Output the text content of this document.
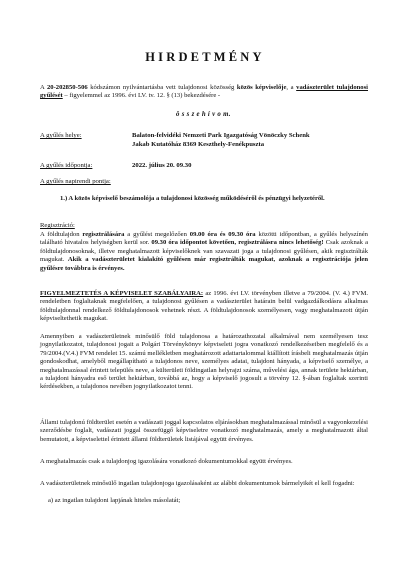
HIRDETMÉNY

A 20-202850-506 kódszámon nyilvántartásba vett tulajdonosi közösség közös képviselője, a vadászterület tulajdonosi gyűlését – figyelemmel az 1996. évi LV. tv. 12. § (13) bekezdésére -

ö s s z e h í v o m.
A gyűlés helye:	Balaton-felvidéki Nemzeti Park Igazgatóság Vönöczky Schenk
Jakab Kutatóház 8369 Keszthely-Fenékpuszta
A gyűlés időpontja:	2022. július 20. 09.30
A gyűlés napirendi pontja:

1.) A közös képviselő beszámolója a tulajdonosi közösség működéséről és pénzügyi helyzetéről.

Regisztráció:

A földtulajdon regisztrálására a gyűlést megelőzően 09.00 óra és 09.30 óra közötti időpontban, a gyűlés helyszínén található hivatalos helyiségben kerül sor. 09.30 óra időpontot követően, regisztrálásra nincs lehetőség! Csak azoknak a földtulajdonosoknak, illetve meghatalmazott képviselőknek van szavazati joga a tulajdonosi gyűlésen, akik regisztrálták magukat. Akik a vadászterületet kialakító gyűlésen már regisztrálták magukat, azoknak a regisztrációja jelen gyűlésre továbbra is érvényes.

FIGYELMEZTETÉS A KÉPVISELET SZABÁLYAIRA: az 1996. évi LV. törvényben illetve a 79/2004. (V. 4.) FVM. rendeletben foglaltaknak megfelelően, a tulajdonosi gyűlésen a vadászterület határain belül vadgazdálkodásra alkalmas földtulajdonnal rendelkező földtulajdonosok vehetnek részt. A földtulajdonosok személyesen, vagy meghatalmazott útján képviseltethetik magukat.

Amennyiben a vadászterületnek minősülő föld tulajdonosa a határozathozatal alkalmával nem személyesen tesz jognyilatkozatot, tulajdonosi jogait a Polgári Törvénykönyv képviseleti jogra vonatkozó rendelkezéseiben megfelelő és a 79/2004.(V.4.) FVM rendelet 15. számú mellékletben meghatározott adattartalommal kiállított írásbeli meghatalmazás útján gondoskodhat, amelyből megállapítható a tulajdonos neve, személyes adatai, tulajdoni hányada, a képviselő személye, a meghatalmazással érintett település neve, a külterületi földingatlan helyrajzi száma, művelési ága, annak területe hektárban, a tulajdoni hányadra eső terület hektárban, továbbá az, hogy a képviselő jogosult a törvény 12. §-ában foglaltak szerinti kérdésekben, a tulajdonos nevében jognyilatkozatot tenni.

Állami tulajdonú földterület esetén a vadászati joggal kapcsolatos eljárásokban meghatalmazással minősül a vagyonkezelési szerződésbe foglalt, vadászati joggal összefüggő képviseletre vonatkozó meghatalmazás, amely a meghatalmazott által bemutatott, a képviselettel érintett állami földterületek listájával együtt érvényes.

A meghatalmazás csak a tulajdonjog igazolására vonatkozó dokumentumokkal együtt érvényes.

A vadászterületnek minősülő ingatlan tulajdonjoga igazolásaként az alábbi dokumentumok bármelyikét el kell fogadni:

a) az ingatlan tulajdoni lapjának hiteles másolatát;
